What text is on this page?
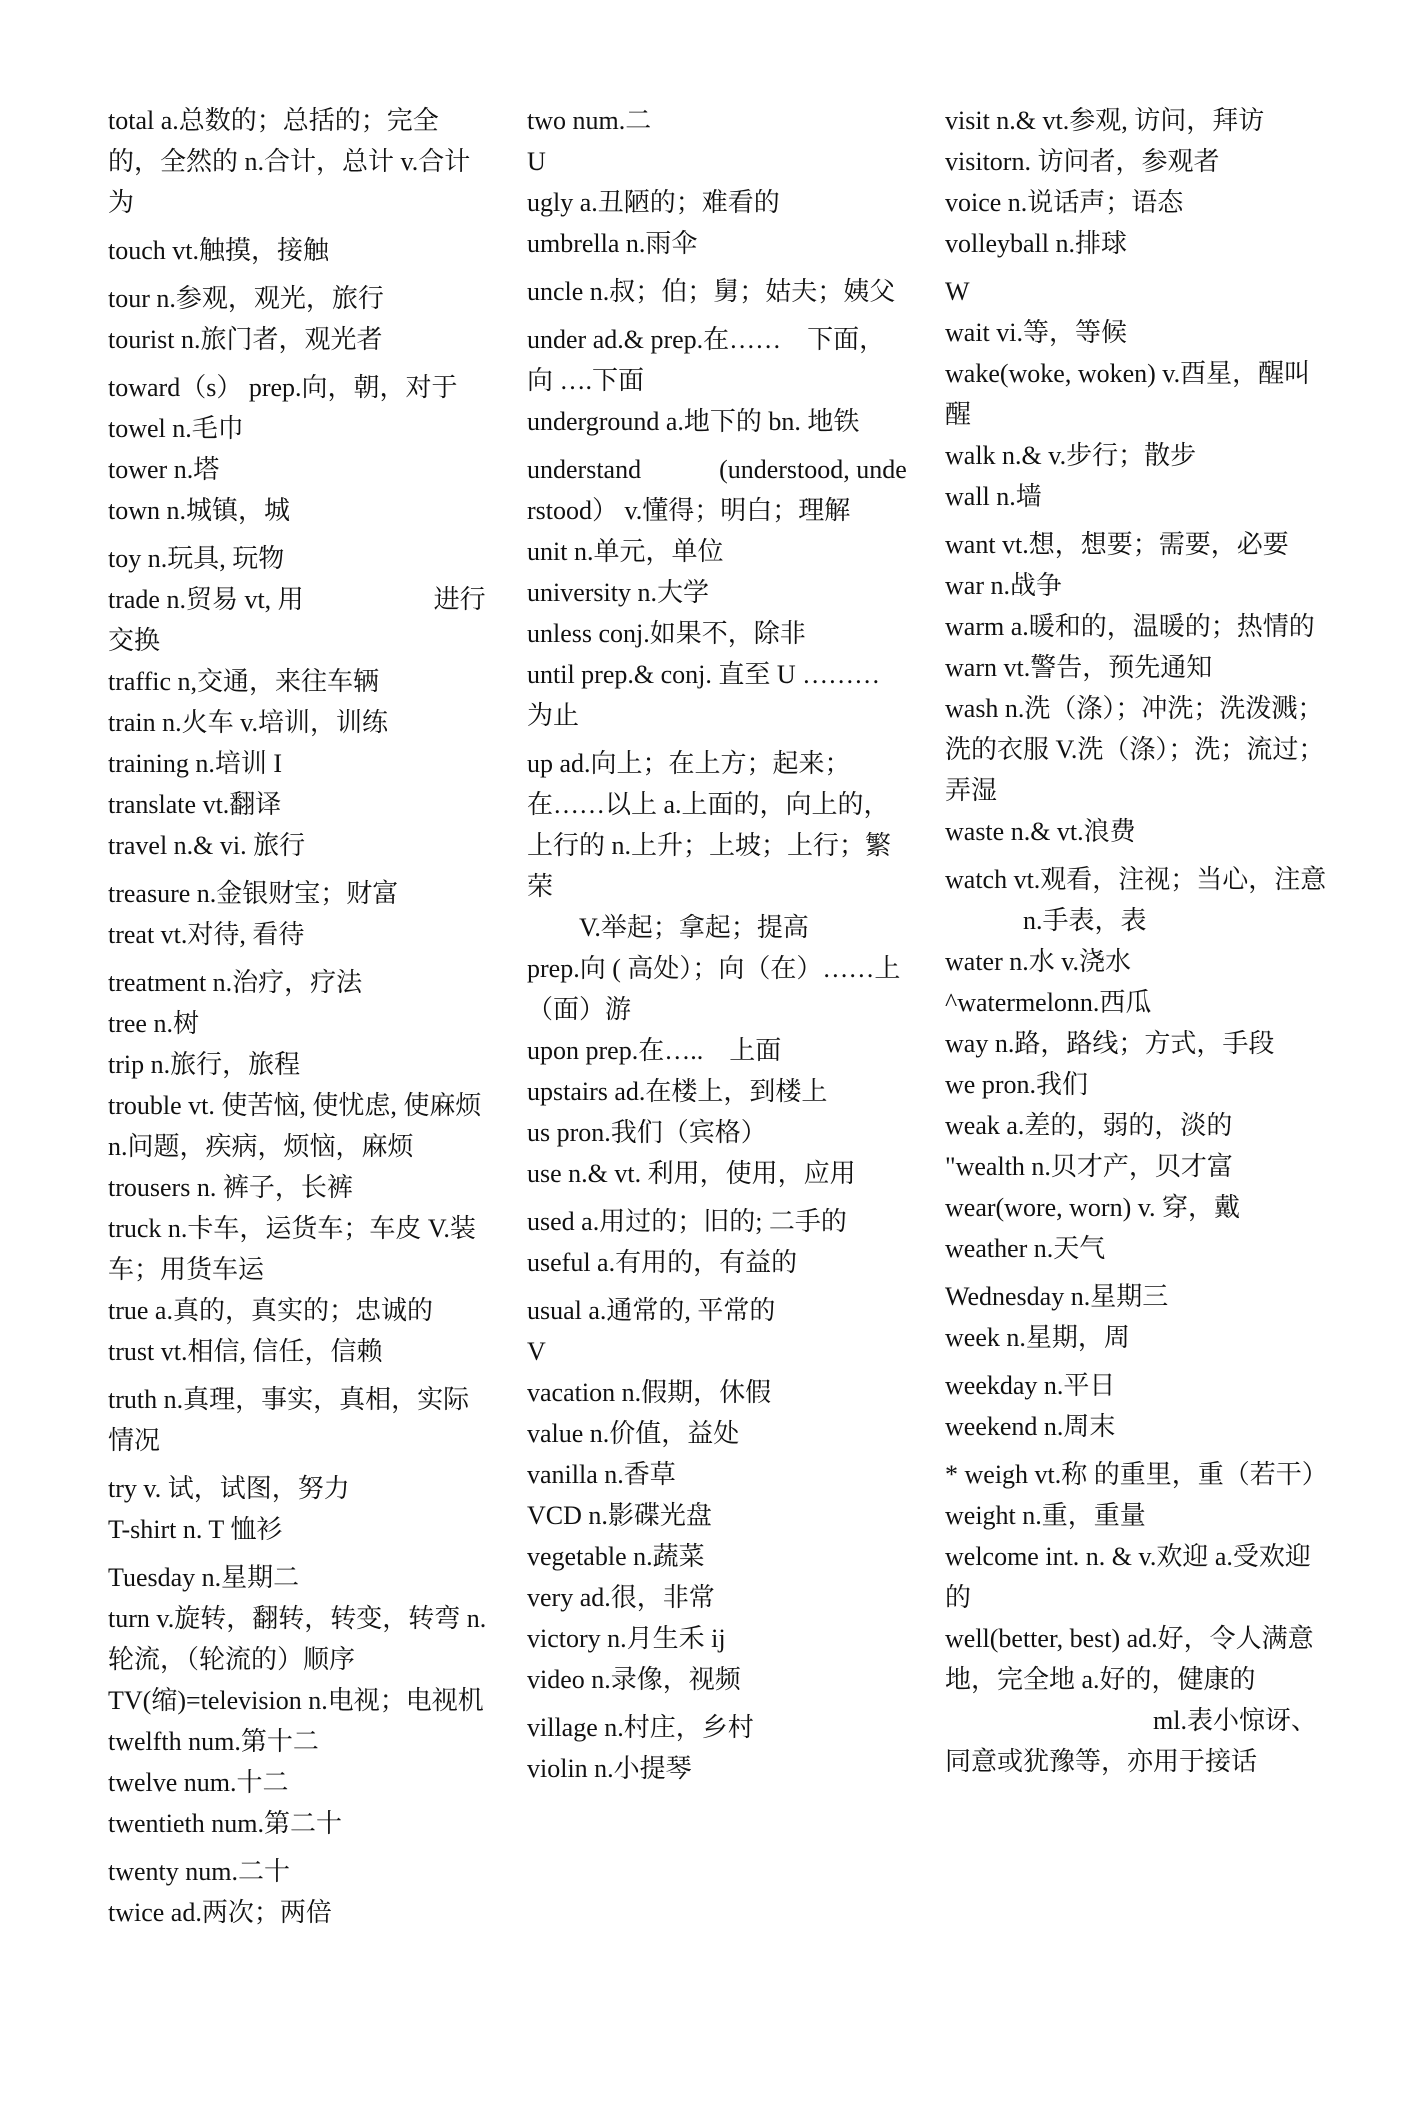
total a.总数的；总括的；完全的，全然的 n.合计，总计 v.合计为
touch vt.触摸，接触
tour n.参观，观光，旅行
tourist n.旅门者，观光者
toward（s） prep.向，朝，对于
towel n.毛巾
tower n.塔
town n.城镇，城
toy n.玩具, 玩物
trade n.贸易 vt, 用　　　　　进行交换
traffic n,交通，来往车辆
train n.火车 v.培训，训练
training n.培训 I
translate vt.翻译
travel n.& vi. 旅行
treasure n.金银财宝；财富
treat vt.对待, 看待
treatment n.治疗，疗法
tree n.树
trip n.旅行，旅程
trouble vt. 使苦恼, 使忧虑, 使麻烦 n.问题，疾病，烦恼，麻烦
trousers n. 裤子，长裤
truck n.卡车，运货车；车皮 V.装车；用货车运
true a.真的，真实的；忠诚的
trust vt.相信, 信任，信赖
truth n.真理，事实，真相，实际情况
try v. 试，试图，努力
T-shirt n. T 恤衫
Tuesday n.星期二
turn v.旋转，翻转，转变，转弯 n.轮流，（轮流的）顺序
TV(缩)=television n.电视；电视机
twelfth num.第十二
twelve num.十二
twentieth num.第二十
twenty num.二十
twice ad.两次；两倍
two num.二
U
ugly a.丑陋的；难看的
umbrella n.雨伞
uncle n.叔；伯；舅；姑夫；姨父
under ad.& prep.在……　下面，向 ….下面
underground a.地下的 bn. 地铁
understand　　　(understood, understood） v.懂得；明白；理解
unit n.单元，单位
university n.大学
unless conj.如果不，除非
until prep.& conj. 直至 U ……… 为止
up ad.向上；在上方；起来；在……以上 a.上面的，向上的，上行的 n.上升；上坡；上行；繁荣
　　V.举起；拿起；提高　　　　prep.向 ( 高处）；向（在）……上（面）游
upon prep.在…..　上面
upstairs ad.在楼上，到楼上
us pron.我们（宾格）
use n.& vt. 利用，使用，应用
used a.用过的；旧的; 二手的
useful a.有用的，有益的
usual a.通常的, 平常的
V
vacation n.假期，休假
value n.价值，益处
vanilla n.香草
VCD n.影碟光盘
vegetable n.蔬菜
very ad.很，非常
victory n.月生禾 ij
video n.录像，视频
village n.村庄，乡村
violin n.小提琴
visit n.& vt.参观, 访问，拜访
visitorn. 访问者，参观者
voice n.说话声；语态
volleyball n.排球
W
wait vi.等，等候
wake(woke, woken) v.酉星，醒叫醒
walk n.& v.步行；散步
wall n.墙
want vt.想，想要；需要，必要
war n.战争
warm a.暖和的，温暖的；热情的
warn vt.警告，预先通知
wash n.洗（涤）；冲洗；洗泼溅；洗的衣服 V.洗（涤）；洗；流过；弄湿
waste n.& vt.浪费
watch vt.观看，注视；当心，注意
　　　n.手表，表
water n.水 v.浇水
^watermelonn.西瓜
way n.路，路线；方式，手段
we pron.我们
weak a.差的，弱的，淡的
"wealth n.贝才产，贝才富
wear(wore, worn) v. 穿，戴
weather n.天气
Wednesday n.星期三
week n.星期，周
weekday n.平日
weekend n.周末
* weigh vt.称 的重里，重（若干）
weight n.重，重量
welcome int. n. & v.欢迎 a.受欢迎的
well(better, best) ad.好，令人满意地，完全地 a.好的，健康的
　　　　　　　　ml.表小惊讶、同意或犹豫等，亦用于接话
